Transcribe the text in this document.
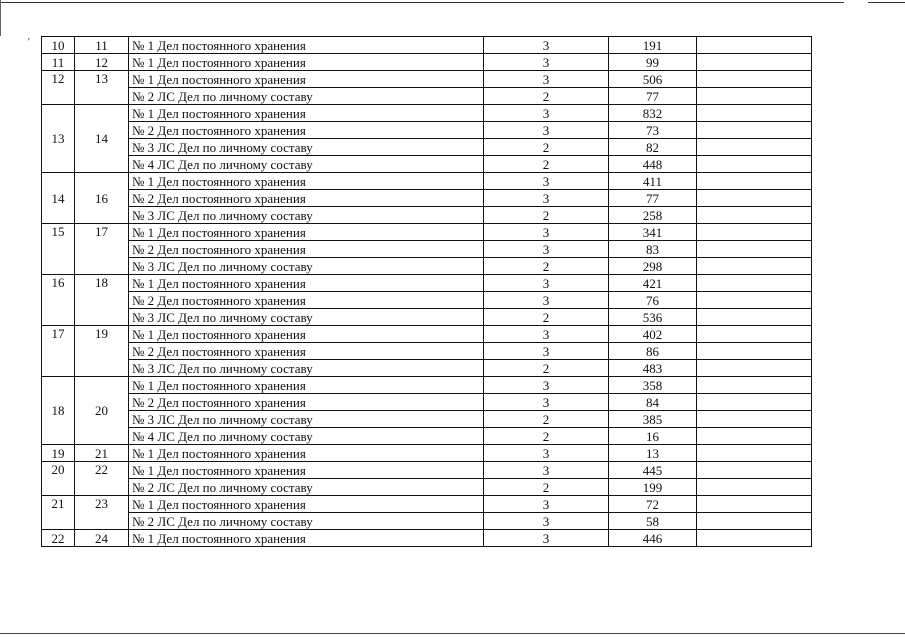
' 10	11	№ 1 Дел постоянного хранения	3	191	
11	12	№ 1 Дел постоянного хранения	3	99	
12	13	№ 1 Дел постоянного хранения	3	506	
		№ 2 ЛС Дел по личному составу	2	77	
13	14	№ 1 Дел постоянного хранения	3	832	
		№ 2 Дел постоянного хранения	3	73	
		№ 3 ЛС Дел по личному составу	2	82	
		№ 4 ЛС Дел по личному составу	2	448	
14	16	№ 1 Дел постоянного хранения	3	411	
		№ 2 Дел постоянного хранения	3	77	
		№ 3 ЛС Дел по личному составу	2	258	
15	17	№ 1 Дел постоянного хранения	3	341	
		№ 2 Дел постоянного хранения	3	83	
		№ 3 ЛС Дел по личному составу	2	298	
16	18	№ 1 Дел постоянного хранения	3	421	
		№ 2 Дел постоянного хранения	3	76	
		№ 3 ЛС Дел по личному составу	2	536	
17	19	№ 1 Дел постоянного хранения	3	402	
		№ 2 Дел постоянного хранения	3	86	
		№ 3 ЛС Дел по личному составу	2	483	
18	20	№ 1 Дел постоянного хранения	3	358	
		№ 2 Дел постоянного хранения	3	84	
		№ 3 ЛС Дел по личному составу	2	385	
		№ 4 ЛС Дел по личному составу	2	16	
19	21	№ 1 Дел постоянного хранения	3	13	
20	22	№ 1 Дел постоянного хранения	3	445	
		№ 2 ЛС Дел по личному составу	2	199	
21	23	№ 1 Дел постоянного хранения	3	72	
		№ 2 ЛС Дел по личному составу	3	58	
22	24	№ 1 Дел постоянного хранения	3	446	
